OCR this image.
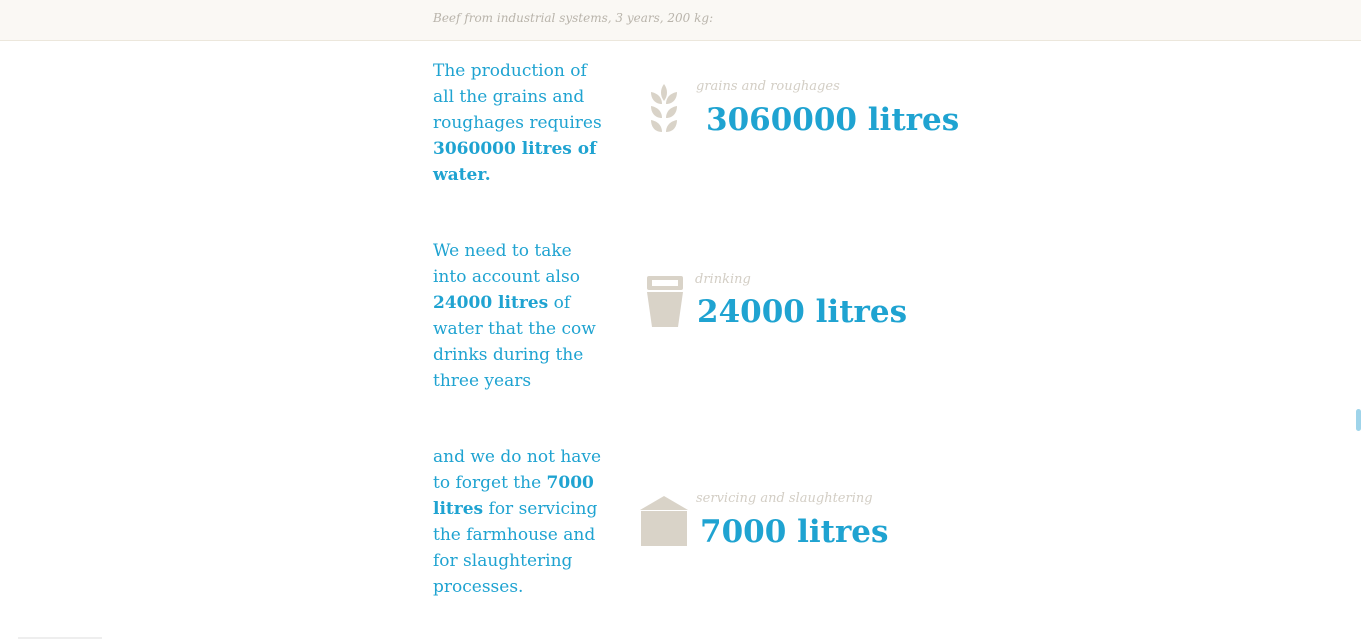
Beef from industrial systems, 3 years, 200 kg:
The production of all the grains and roughages requires 3060000 litres of water.
grains and roughages
3060000 litres
We need to take into account also 24000 litres of water that the cow drinks during the three years
drinking
24000 litres
and we do not have to forget the 7000 litres for servicing the farmhouse and for slaughtering processes.
servicing and slaughtering
7000 litres
